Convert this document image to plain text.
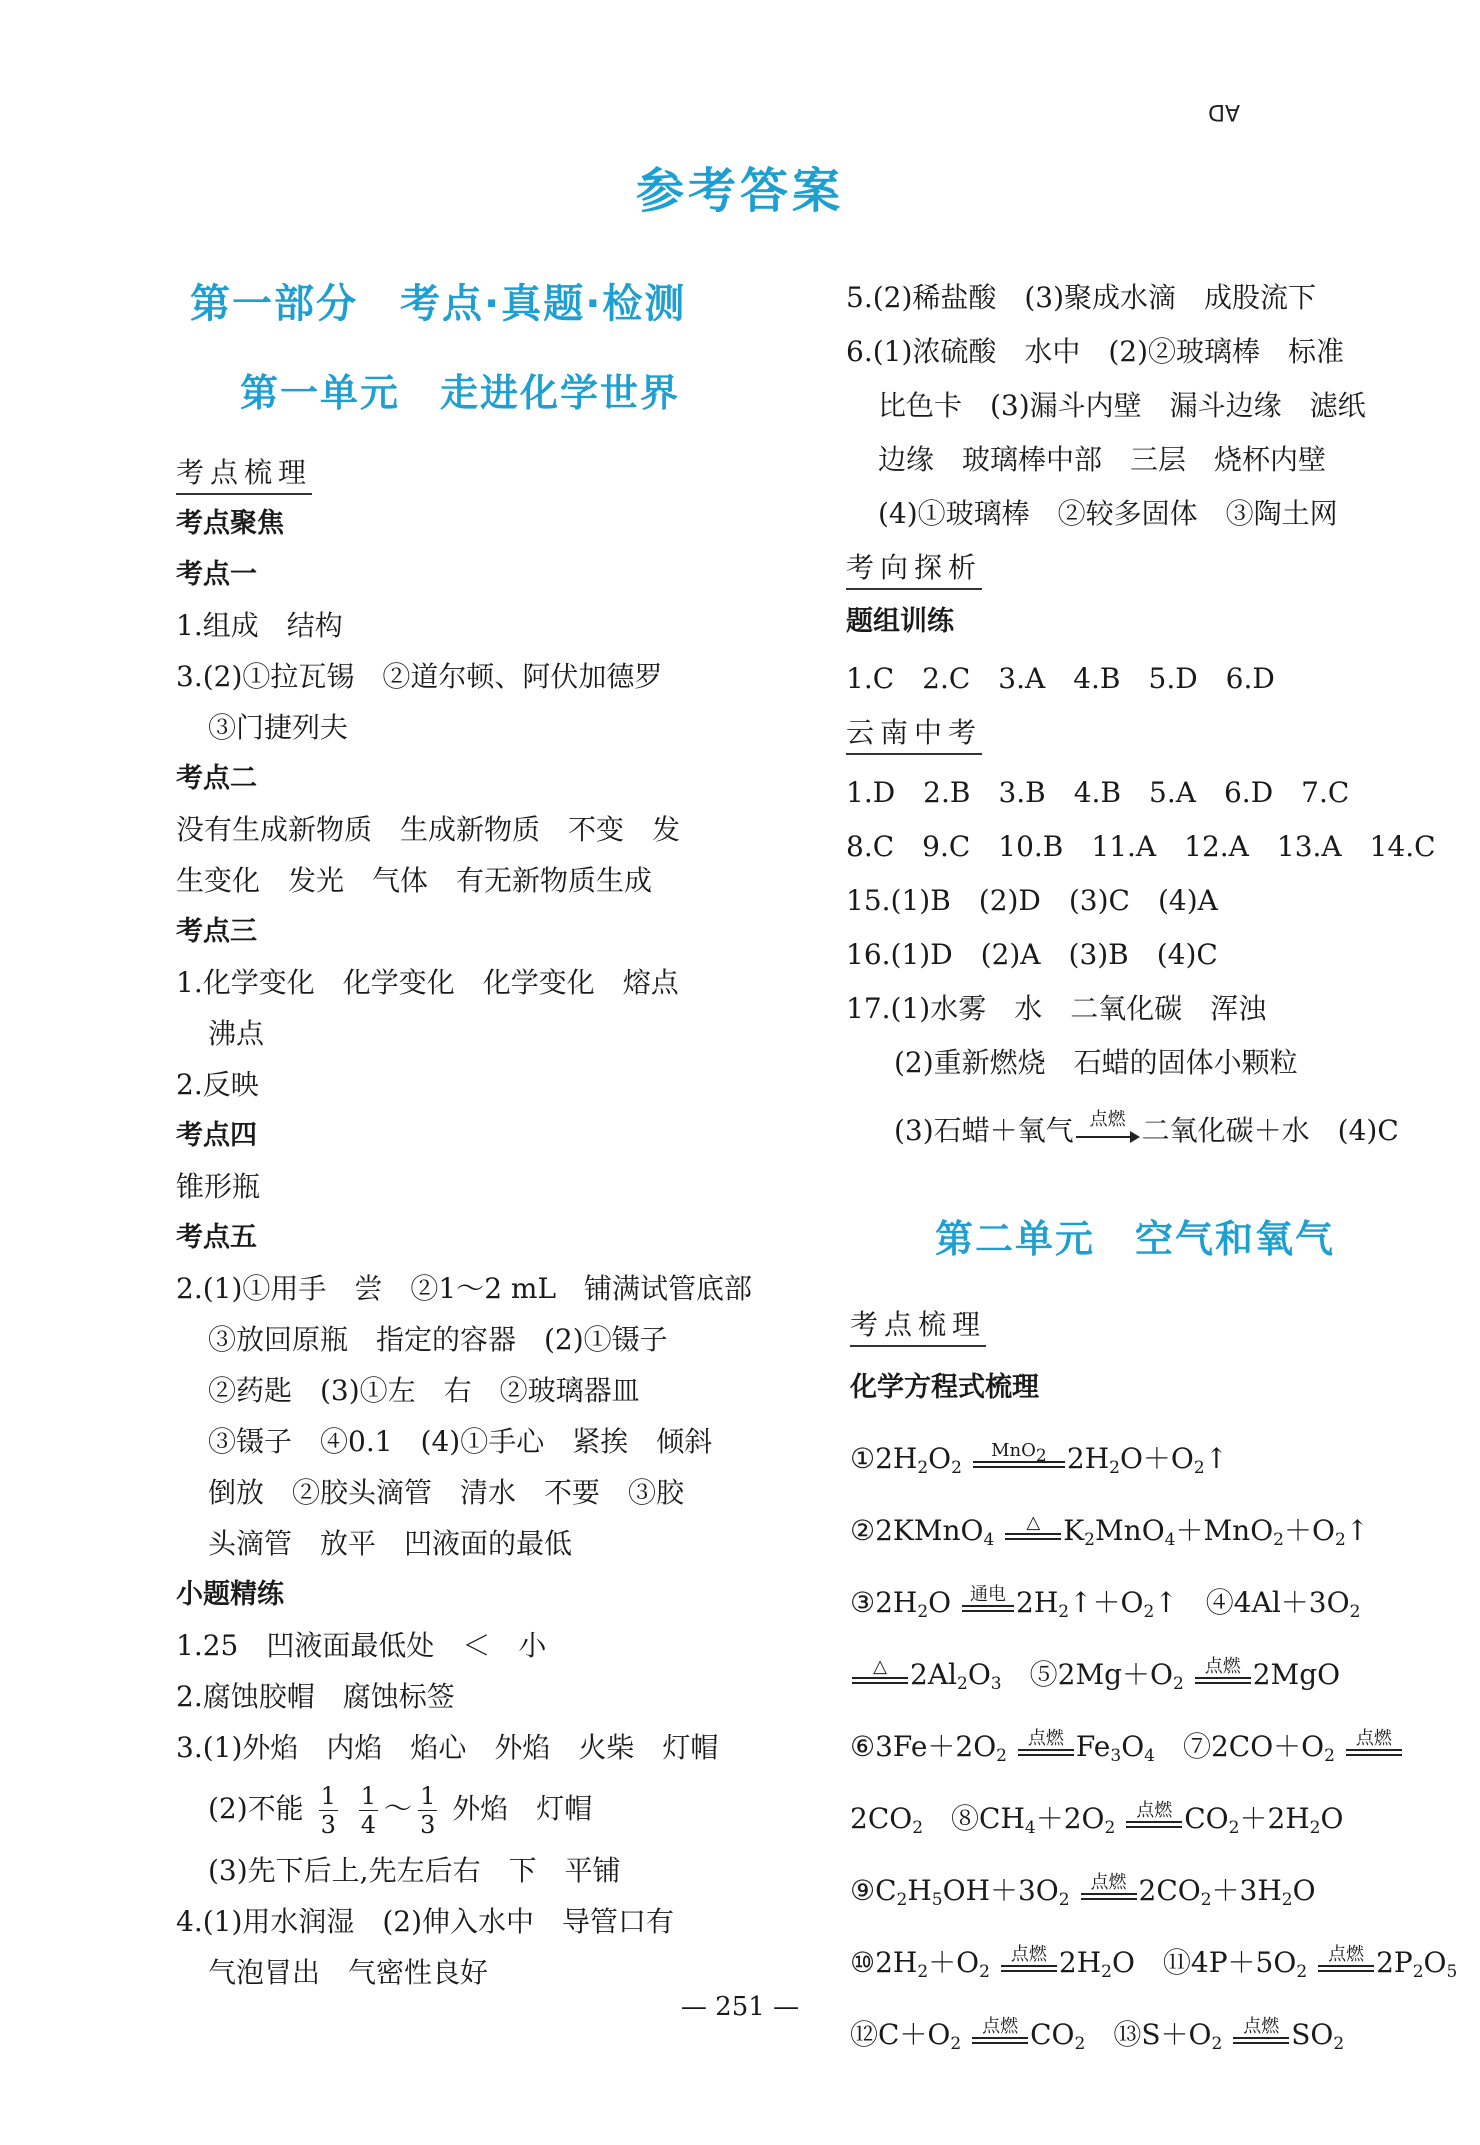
AD
参考答案
第一部分　考点·真题·检测
第一单元　走进化学世界
考点梳理
考点聚焦
考点一
1.组成　结构
3.(2)①拉瓦锡　②道尔顿、阿伏加德罗
③门捷列夫
考点二
没有生成新物质　生成新物质　不变　发
生变化　发光　气体　有无新物质生成
考点三
1.化学变化　化学变化　化学变化　熔点
沸点
2.反映
考点四
锥形瓶
考点五
2.(1)①用手　尝　②1～2 mL　铺满试管底部
③放回原瓶　指定的容器　(2)①镊子
②药匙　(3)①左　右　②玻璃器皿
③镊子　④0.1　(4)①手心　紧挨　倾斜
倒放　②胶头滴管　清水　不要　③胶
头滴管　放平　凹液面的最低
小题精练
1.25　凹液面最低处　＜　小
2.腐蚀胶帽　腐蚀标签
3.(1)外焰　内焰　焰心　外焰　火柴　灯帽
(2)不能 $\frac{1}{3}$
$\frac{1}{4}$ ～ $\frac{1}{3}$ 外焰　灯帽
(3)先下后上,先左后右　下　平铺
4.(1)用水润湿　(2)伸入水中　导管口有
气泡冒出　气密性良好
5.(2)稀盐酸　(3)聚成水滴　成股流下
6.(1)浓硫酸　水中　(2)②玻璃棒　标准
比色卡　(3)漏斗内壁　漏斗边缘　滤纸
边缘　玻璃棒中部　三层　烧杯内壁
(4)①玻璃棒　②较多固体　③陶土网
考向探析
题组训练
1.C　2.C　3.A　4.B　5.D　6.D
云南中考
1.D　2.B　3.B　4.B　5.A　6.D　7.C
8.C　9.C　10.B　11.A　12.A　13.A　14.C
15.(1)B　(2)D　(3)C　(4)A
16.(1)D　(2)A　(3)B　(4)C
17.(1)水雾　水　二氧化碳　浑浊
(2)重新燃烧　石蜡的固体小颗粒
(3)石蜡＋氧气 点燃 二氧化碳＋水　(4)C
第二单元　空气和氧气
考点梳理
化学方程式梳理
$①2H_2O_2$
MnO$_2$ $2H_2O+O_2↑$
②2KMnO$_4$
△ $K_2MnO_4+MnO_2+O_2↑$
$③2H_2O$ 通电 $2H_2↑+O_2↑$　$④4Al+3O_2$
△ $2Al_2O_3$　$⑤2Mg+O_2$
点燃 2MgO
$⑥3Fe+2O_2$
点燃 $Fe_3O_4$　$⑦2CO+O_2$
点燃
$2CO_2$　$⑧CH_4+2O_2$
点燃 $CO_2+2H_2O$
$⑨C_2H_5OH+3O_2$
点燃 $2CO_2+3H_2O$
$⑩2H_2+O_2$
点燃 $2H_2O$　$⑪4P+5O_2$
点燃 $2P_2O_5$
$⑫C+O_2$
点燃 $CO_2$　$⑬S+O_2$
点燃 $SO_2$
— 251 —
